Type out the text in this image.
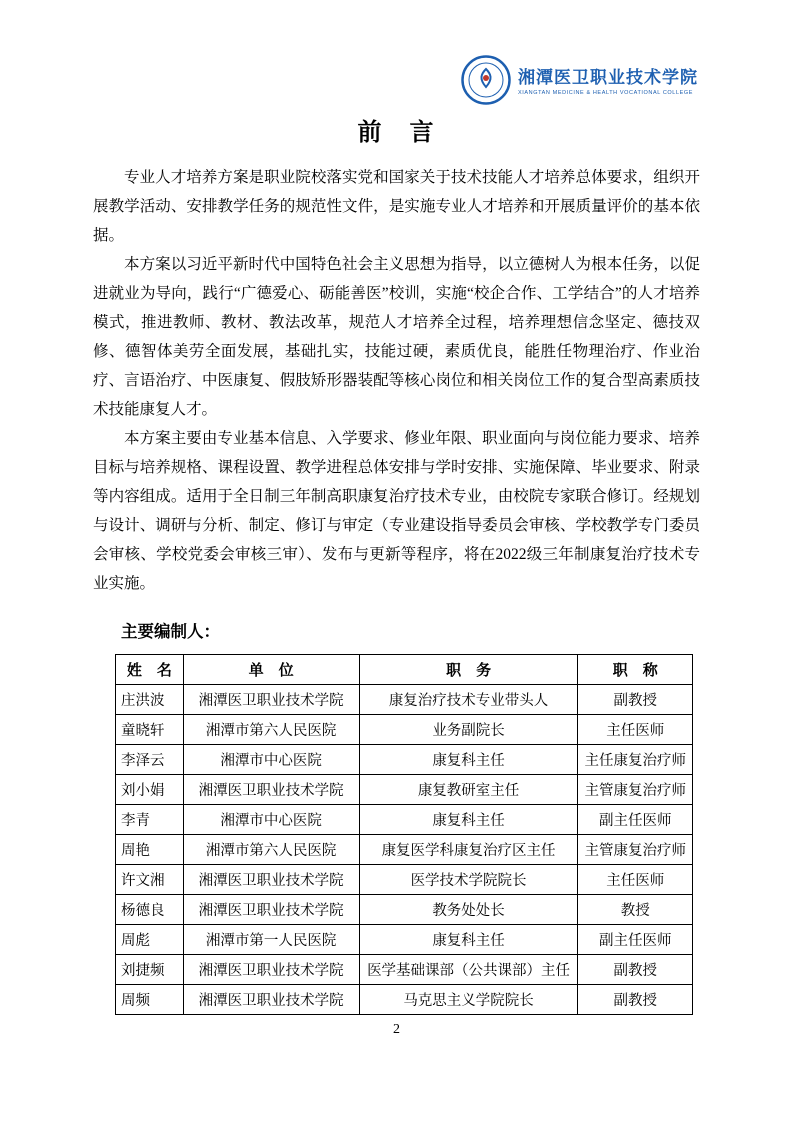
湘潭医卫职业技术学院
XIANGTAN MEDICINE & HEALTH VOCATIONAL COLLEGE
前　言

专业人才培养方案是职业院校落实党和国家关于技术技能人才培养总体要求，组织开展教学活动、安排教学任务的规范性文件，是实施专业人才培养和开展质量评价的基本依据。

本方案以习近平新时代中国特色社会主义思想为指导，以立德树人为根本任务，以促进就业为导向，践行“广德爱心、砺能善医”校训，实施“校企合作、工学结合”的人才培养模式，推进教师、教材、教法改革，规范人才培养全过程，培养理想信念坚定、德技双修、德智体美劳全面发展，基础扎实，技能过硬，素质优良，能胜任物理治疗、作业治疗、言语治疗、中医康复、假肢矫形器装配等核心岗位和相关岗位工作的复合型高素质技术技能康复人才。

本方案主要由专业基本信息、入学要求、修业年限、职业面向与岗位能力要求、培养目标与培养规格、课程设置、教学进程总体安排与学时安排、实施保障、毕业要求、附录等内容组成。适用于全日制三年制高职康复治疗技术专业，由校院专家联合修订。经规划与设计、调研与分析、制定、修订与审定（专业建设指导委员会审核、学校教学专门委员会审核、学校党委会审核三审）、发布与更新等程序，将在2022级三年制康复治疗技术专业实施。

主要编制人：
姓　名	单　位	职　务	职　称
庄洪波	湘潭医卫职业技术学院	康复治疗技术专业带头人	副教授
童晓轩	湘潭市第六人民医院	业务副院长	主任医师
李泽云	湘潭市中心医院	康复科主任	主任康复治疗师
刘小娟	湘潭医卫职业技术学院	康复教研室主任	主管康复治疗师
李青	湘潭市中心医院	康复科主任	副主任医师
周艳	湘潭市第六人民医院	康复医学科康复治疗区主任	主管康复治疗师
许文湘	湘潭医卫职业技术学院	医学技术学院院长	主任医师
杨德良	湘潭医卫职业技术学院	教务处处长	教授
周彪	湘潭市第一人民医院	康复科主任	副主任医师
刘捷频	湘潭医卫职业技术学院	医学基础课部（公共课部）主任	副教授
周频	湘潭医卫职业技术学院	马克思主义学院院长	副教授
2
